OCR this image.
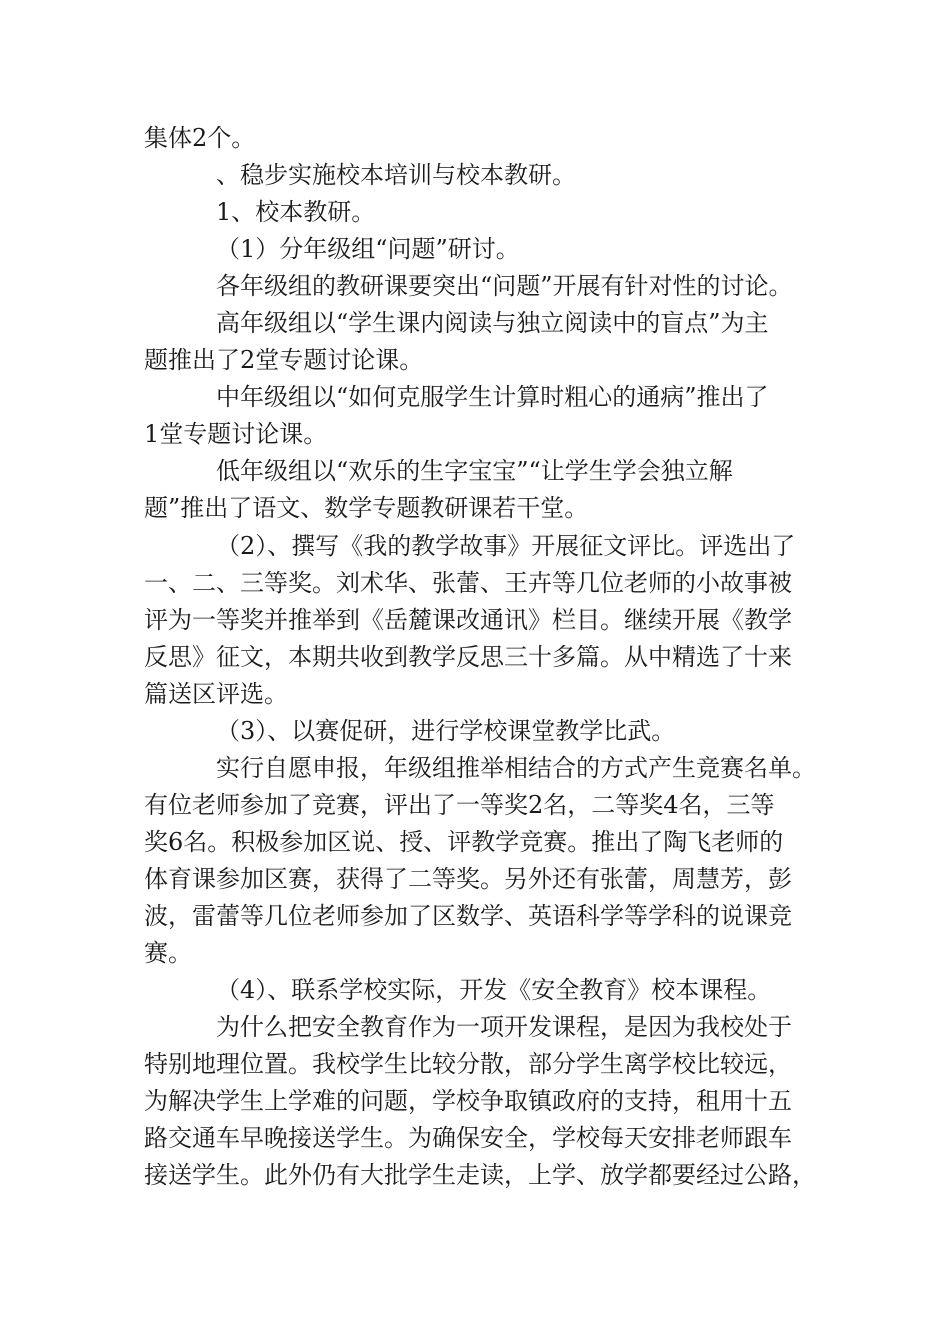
集体2个。

、稳步实施校本培训与校本教研。

1、校本教研。

（1）分年级组“问题”研讨。

各年级组的教研课要突出“问题”开展有针对性的讨论。

高年级组以“学生课内阅读与独立阅读中的盲点”为主

题推出了2堂专题讨论课。

中年级组以“如何克服学生计算时粗心的通病”推出了

1堂专题讨论课。

低年级组以“欢乐的生字宝宝”“让学生学会独立解

题”推出了语文、数学专题教研课若干堂。

（2）、撰写《我的教学故事》开展征文评比。评选出了

一、二、三等奖。刘术华、张蕾、王卉等几位老师的小故事被

评为一等奖并推举到《岳麓课改通讯》栏目。继续开展《教学

反思》征文，本期共收到教学反思三十多篇。从中精选了十来

篇送区评选。

（3）、以赛促研，进行学校课堂教学比武。

实行自愿申报，年级组推举相结合的方式产生竞赛名单。

有位老师参加了竞赛，评出了一等奖2名，二等奖4名，三等

奖6名。积极参加区说、授、评教学竞赛。推出了陶飞老师的

体育课参加区赛，获得了二等奖。另外还有张蕾，周慧芳，彭

波，雷蕾等几位老师参加了区数学、英语科学等学科的说课竞

赛。

（4）、联系学校实际，开发《安全教育》校本课程。

为什么把安全教育作为一项开发课程，是因为我校处于

特别地理位置。我校学生比较分散，部分学生离学校比较远，

为解决学生上学难的问题，学校争取镇政府的支持，租用十五

路交通车早晚接送学生。为确保安全，学校每天安排老师跟车

接送学生。此外仍有大批学生走读，上学、放学都要经过公路，
